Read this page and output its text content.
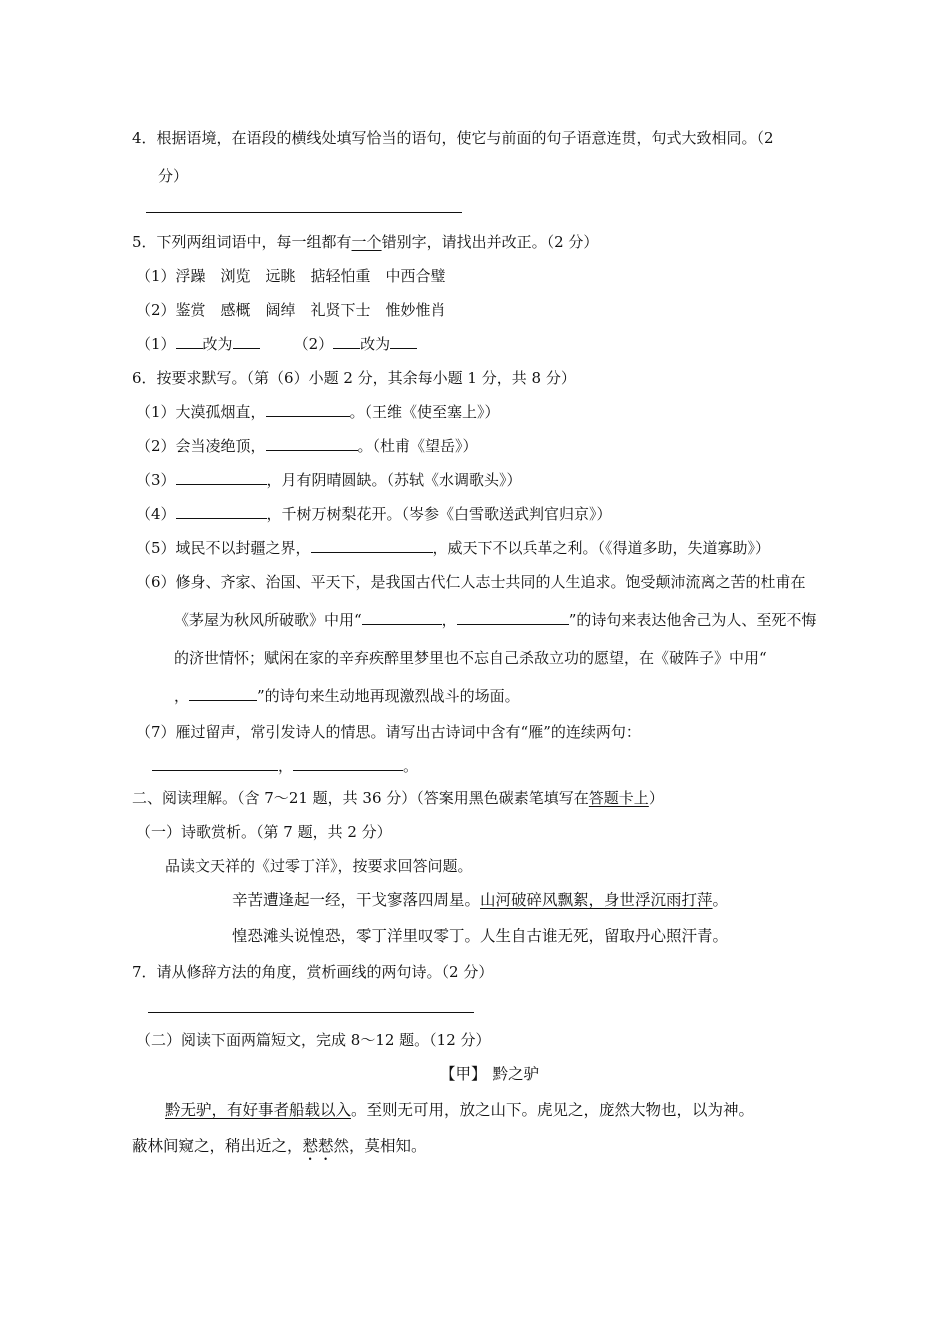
4．根据语境，在语段的横线处填写恰当的语句，使它与前面的句子语意连贯，句式大致相同。（2
分）
5．下列两组词语中，每一组都有一个错别字，请找出并改正。（2 分）
（1）浮躁　浏览　远眺　掂轻怕重　中西合璧
（2）鉴赏　感概　阔绰　礼贤下士　惟妙惟肖
（1） 改为	（2） 改为
6．按要求默写。（第（6）小题 2 分，其余每小题 1 分，共 8 分）
（1）大漠孤烟直，	。（王维《使至塞上》）
（2）会当凌绝顶，	。（杜甫《望岳》）
（3）	，月有阴晴圆缺。（苏轼《水调歌头》）
（4）	，千树万树梨花开。（岑参《白雪歌送武判官归京》）
（5）域民不以封疆之界，	，威天下不以兵革之利。（《得道多助，失道寡助》）
（6）修身、齐家、治国、平天下，是我国古代仁人志士共同的人生追求。饱受颠沛流离之苦的杜甫在
《茅屋为秋风所破歌》中用“	，	”的诗句来表达他舍己为人、至死不悔
的济世情怀；赋闲在家的辛弃疾醉里梦里也不忘自己杀敌立功的愿望，在《破阵子》中用“
，	”的诗句来生动地再现激烈战斗的场面。
（7）雁过留声，常引发诗人的情思。请写出古诗词中含有“雁”的连续两句：
，	。
二、阅读理解。（含 7～21 题，共 36 分）（答案用黑色碳素笔填写在答题卡上）
（一）诗歌赏析。（第 7 题，共 2 分）
品读文天祥的《过零丁洋》，按要求回答问题。
辛苦遭逢起一经，干戈寥落四周星。山河破碎风飘絮，身世浮沉雨打萍。
惶恐滩头说惶恐，零丁洋里叹零丁。人生自古谁无死，留取丹心照汗青。
7．请从修辞方法的角度，赏析画线的两句诗。（2 分）
（二）阅读下面两篇短文，完成 8～12 题。（12 分）
【甲】 黔之驴
黔无驴，有好事者船载以入。至则无可用，放之山下。虎见之，庞然大物也，以为神。
蔽林间窥之，稍出近之，慭慭然，莫相知。
